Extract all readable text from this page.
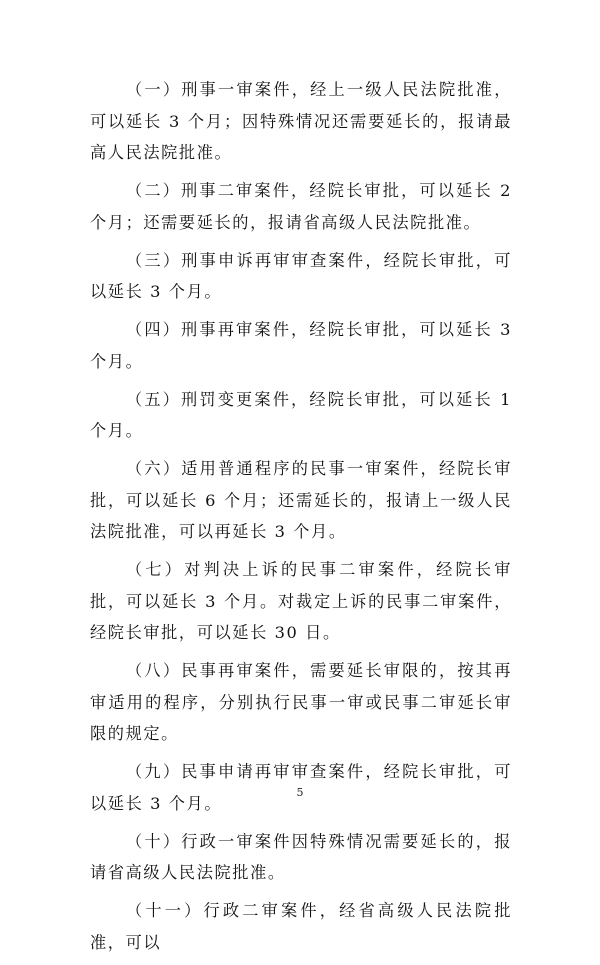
（一）刑事一审案件，经上一级人民法院批准，可以延长 3 个月；因特殊情况还需要延长的，报请最高人民法院批准。

（二）刑事二审案件，经院长审批，可以延长 2 个月；还需要延长的，报请省高级人民法院批准。

（三）刑事申诉再审审查案件，经院长审批，可以延长 3 个月。

（四）刑事再审案件，经院长审批，可以延长 3 个月。

（五）刑罚变更案件，经院长审批，可以延长 1 个月。

（六）适用普通程序的民事一审案件，经院长审批，可以延长 6 个月；还需延长的，报请上一级人民法院批准，可以再延长 3 个月。

（七）对判决上诉的民事二审案件，经院长审批，可以延长 3 个月。对裁定上诉的民事二审案件，经院长审批，可以延长 30 日。

（八）民事再审案件，需要延长审限的，按其再审适用的程序，分别执行民事一审或民事二审延长审限的规定。

（九）民事申请再审审查案件，经院长审批，可以延长 3 个月。

（十）行政一审案件因特殊情况需要延长的，报请省高级人民法院批准。

（十一）行政二审案件，经省高级人民法院批准，可以

5
